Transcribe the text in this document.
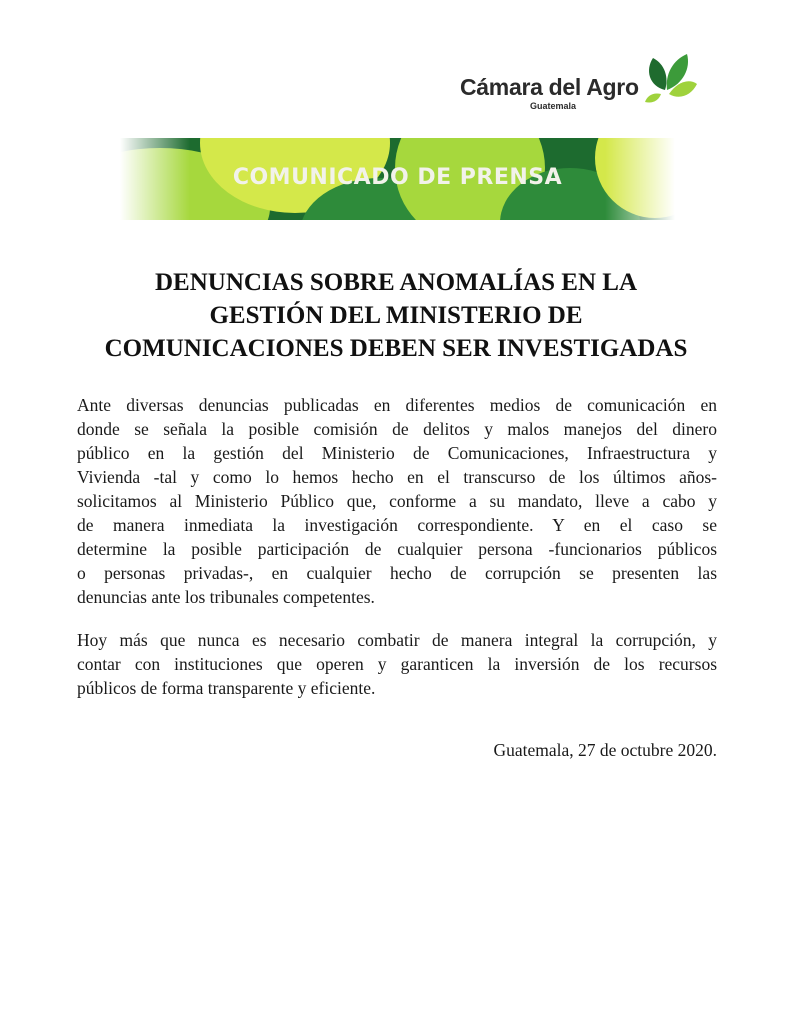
Cámara del Agro
Guatemala
COMUNICADO DE PRENSA
DENUNCIAS SOBRE ANOMALÍAS EN LA
GESTIÓN DEL MINISTERIO DE
COMUNICACIONES DEBEN SER INVESTIGADAS
Ante diversas denuncias publicadas en diferentes medios de comunicación en
donde se señala la posible comisión de delitos y malos manejos del dinero
público en la gestión del Ministerio de Comunicaciones, Infraestructura y
Vivienda -tal y como lo hemos hecho en el transcurso de los últimos años-
solicitamos al Ministerio Público que, conforme a su mandato, lleve a cabo y
de manera inmediata la investigación correspondiente. Y en el caso se
determine la posible participación de cualquier persona -funcionarios públicos
o personas privadas-, en cualquier hecho de corrupción se presenten las
denuncias ante los tribunales competentes.
Hoy más que nunca es necesario combatir de manera integral la corrupción, y
contar con instituciones que operen y garanticen la inversión de los recursos
públicos de forma transparente y eficiente.
Guatemala, 27 de octubre 2020.
